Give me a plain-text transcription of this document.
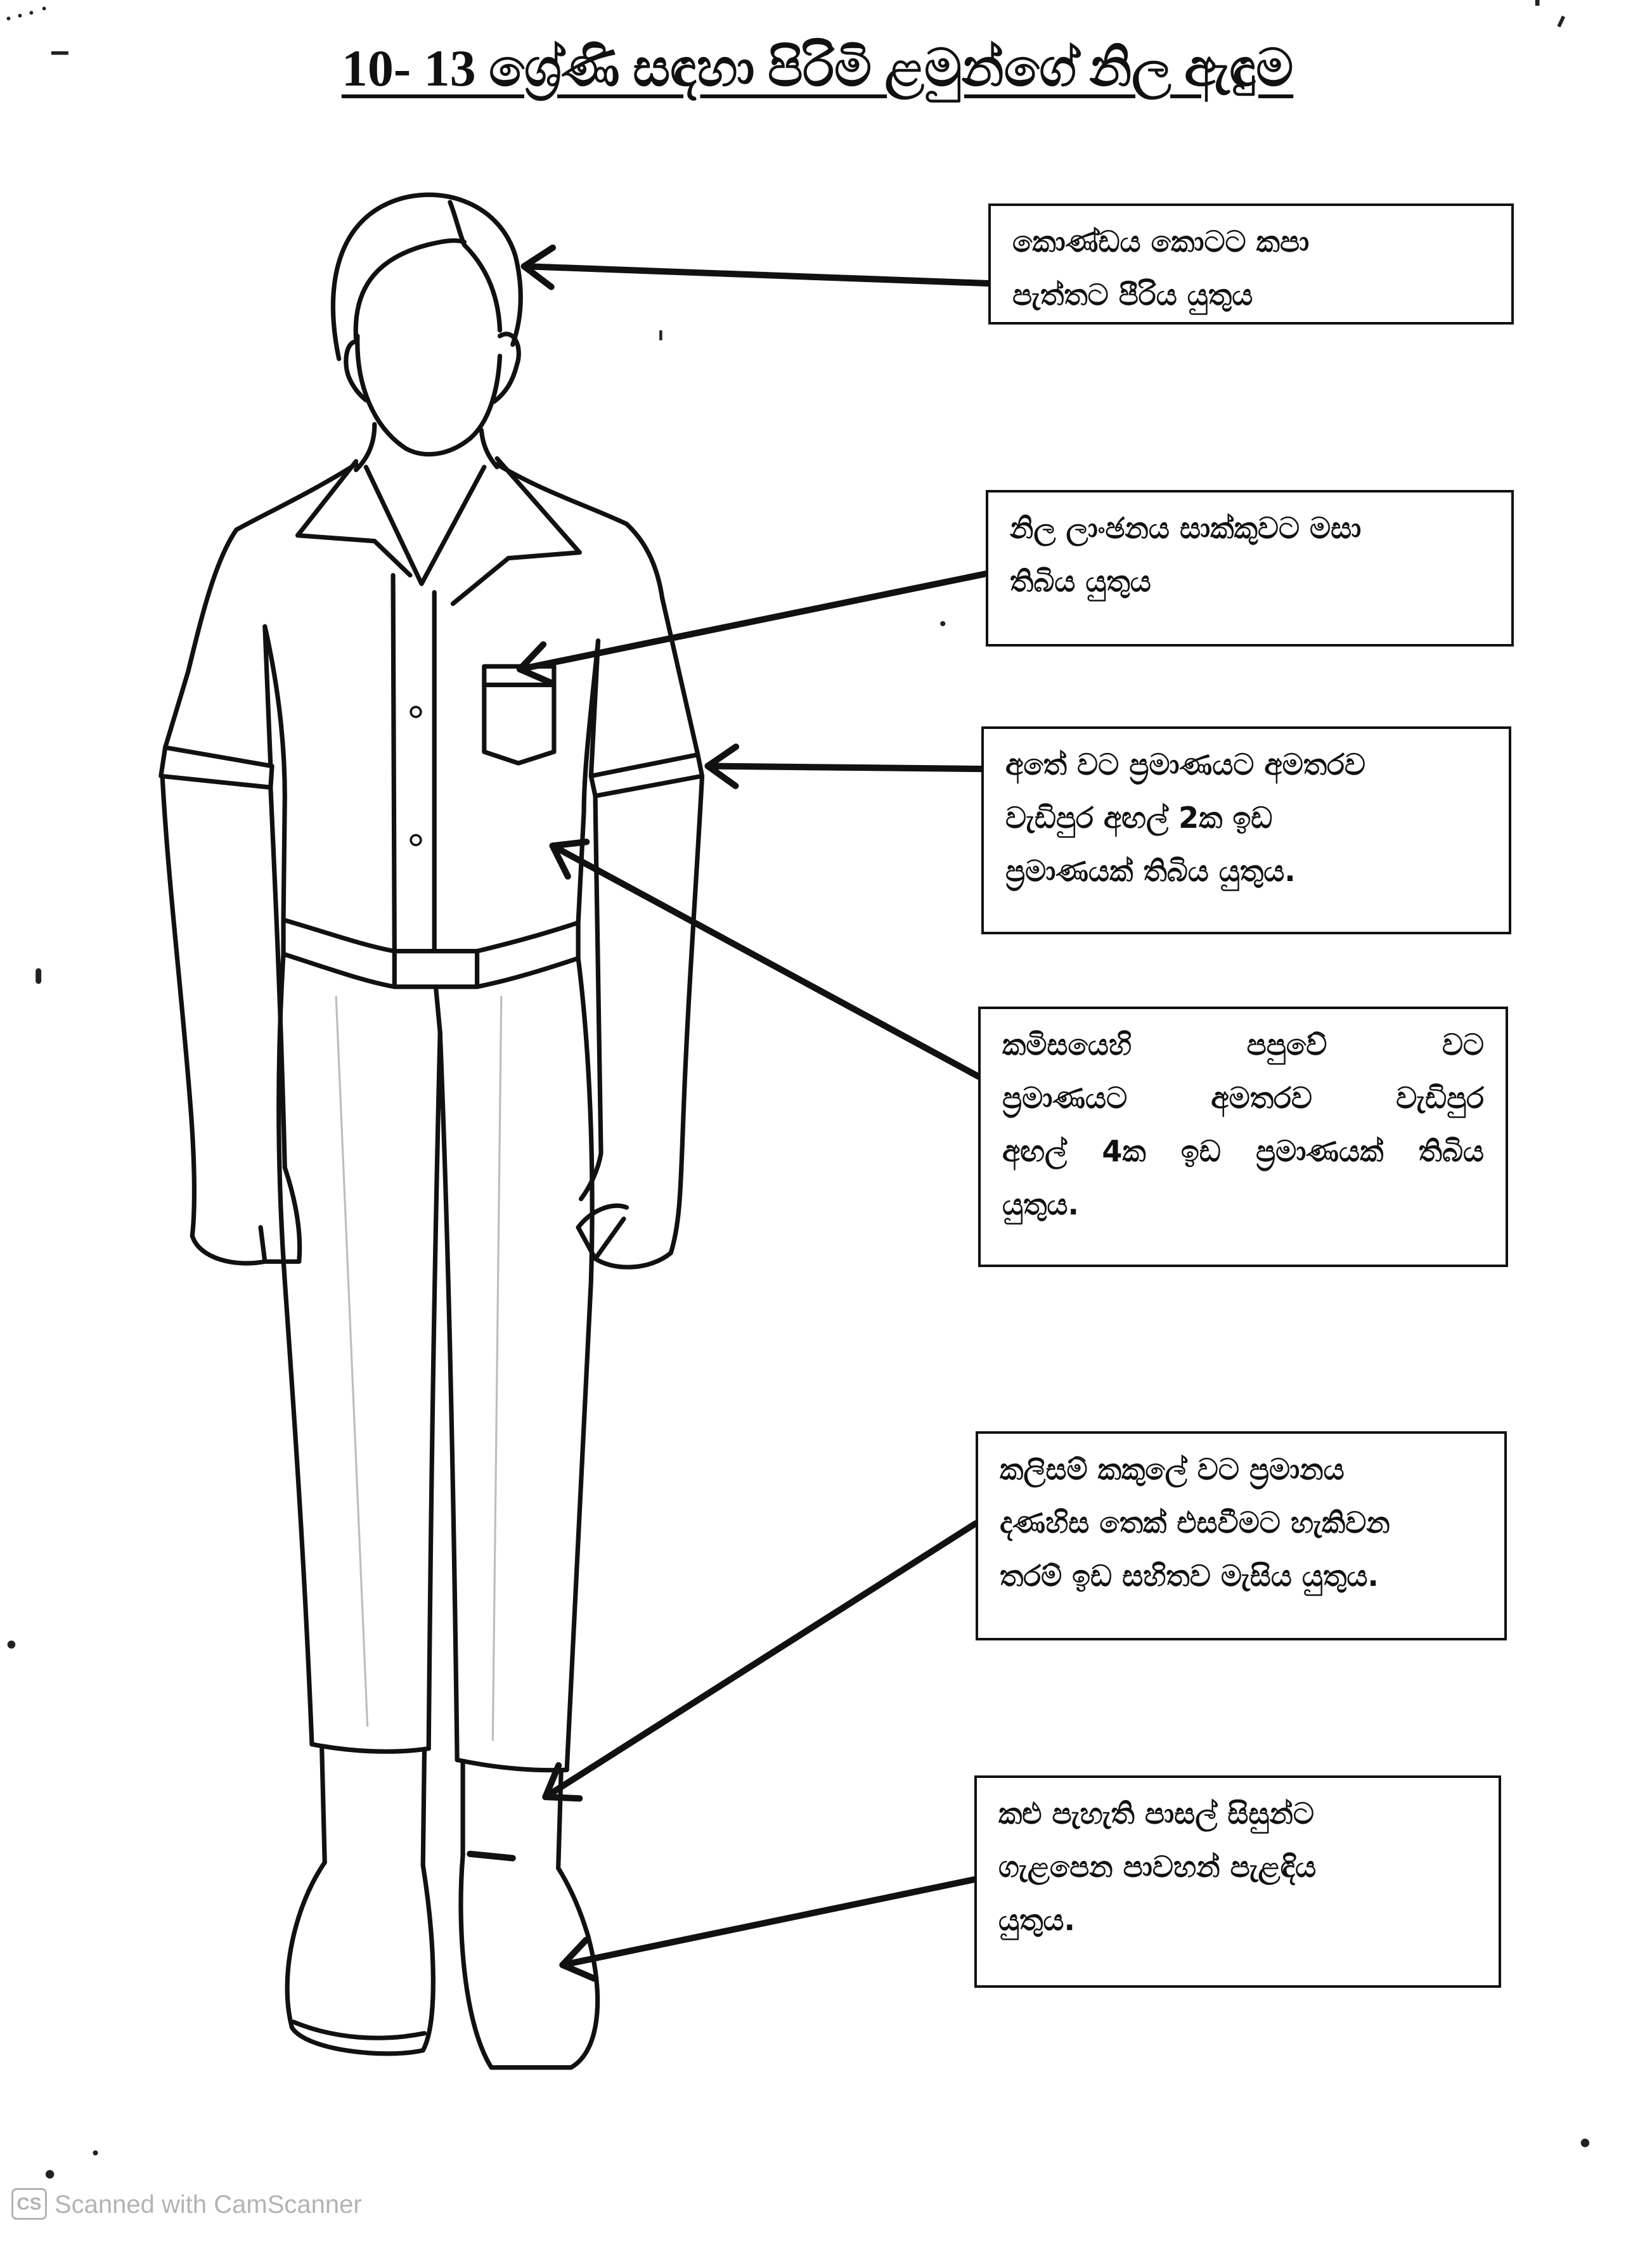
10- 13 ශ්‍රේණි සඳහා පිරිමි ළමුන්ගේ නිල ඇඳුම
කොණ්ඩය කොටට කපා
පැත්තට පීරිය යුතුය
නිල ලාංඡනය සාක්කුවට මසා
තිබිය යුතුය
අතේ වට ප්‍රමාණයට අමතරව
වැඩිපුර අඟල් 2ක ඉඩ
ප්‍රමාණයක් තිබිය යුතුය.
කමිසයෙහි පපුවේ වට
ප්‍රමාණයට අමතරව වැඩිපුර
අඟල් 4ක ඉඩ ප්‍රමාණයක් තිබිය
යුතුය.
කලිසම් කකුලේ වට ප්‍රමානය
දණහිස තෙක් එසවීමට හැකිවන
තරම් ඉඩ සහිතව මැසිය යුතුය.
කළු පැහැති පාසල් සිසුන්ට
ගැළපෙන පාවහන් පැළඳිය
යුතුය.
CS Scanned with CamScanner
